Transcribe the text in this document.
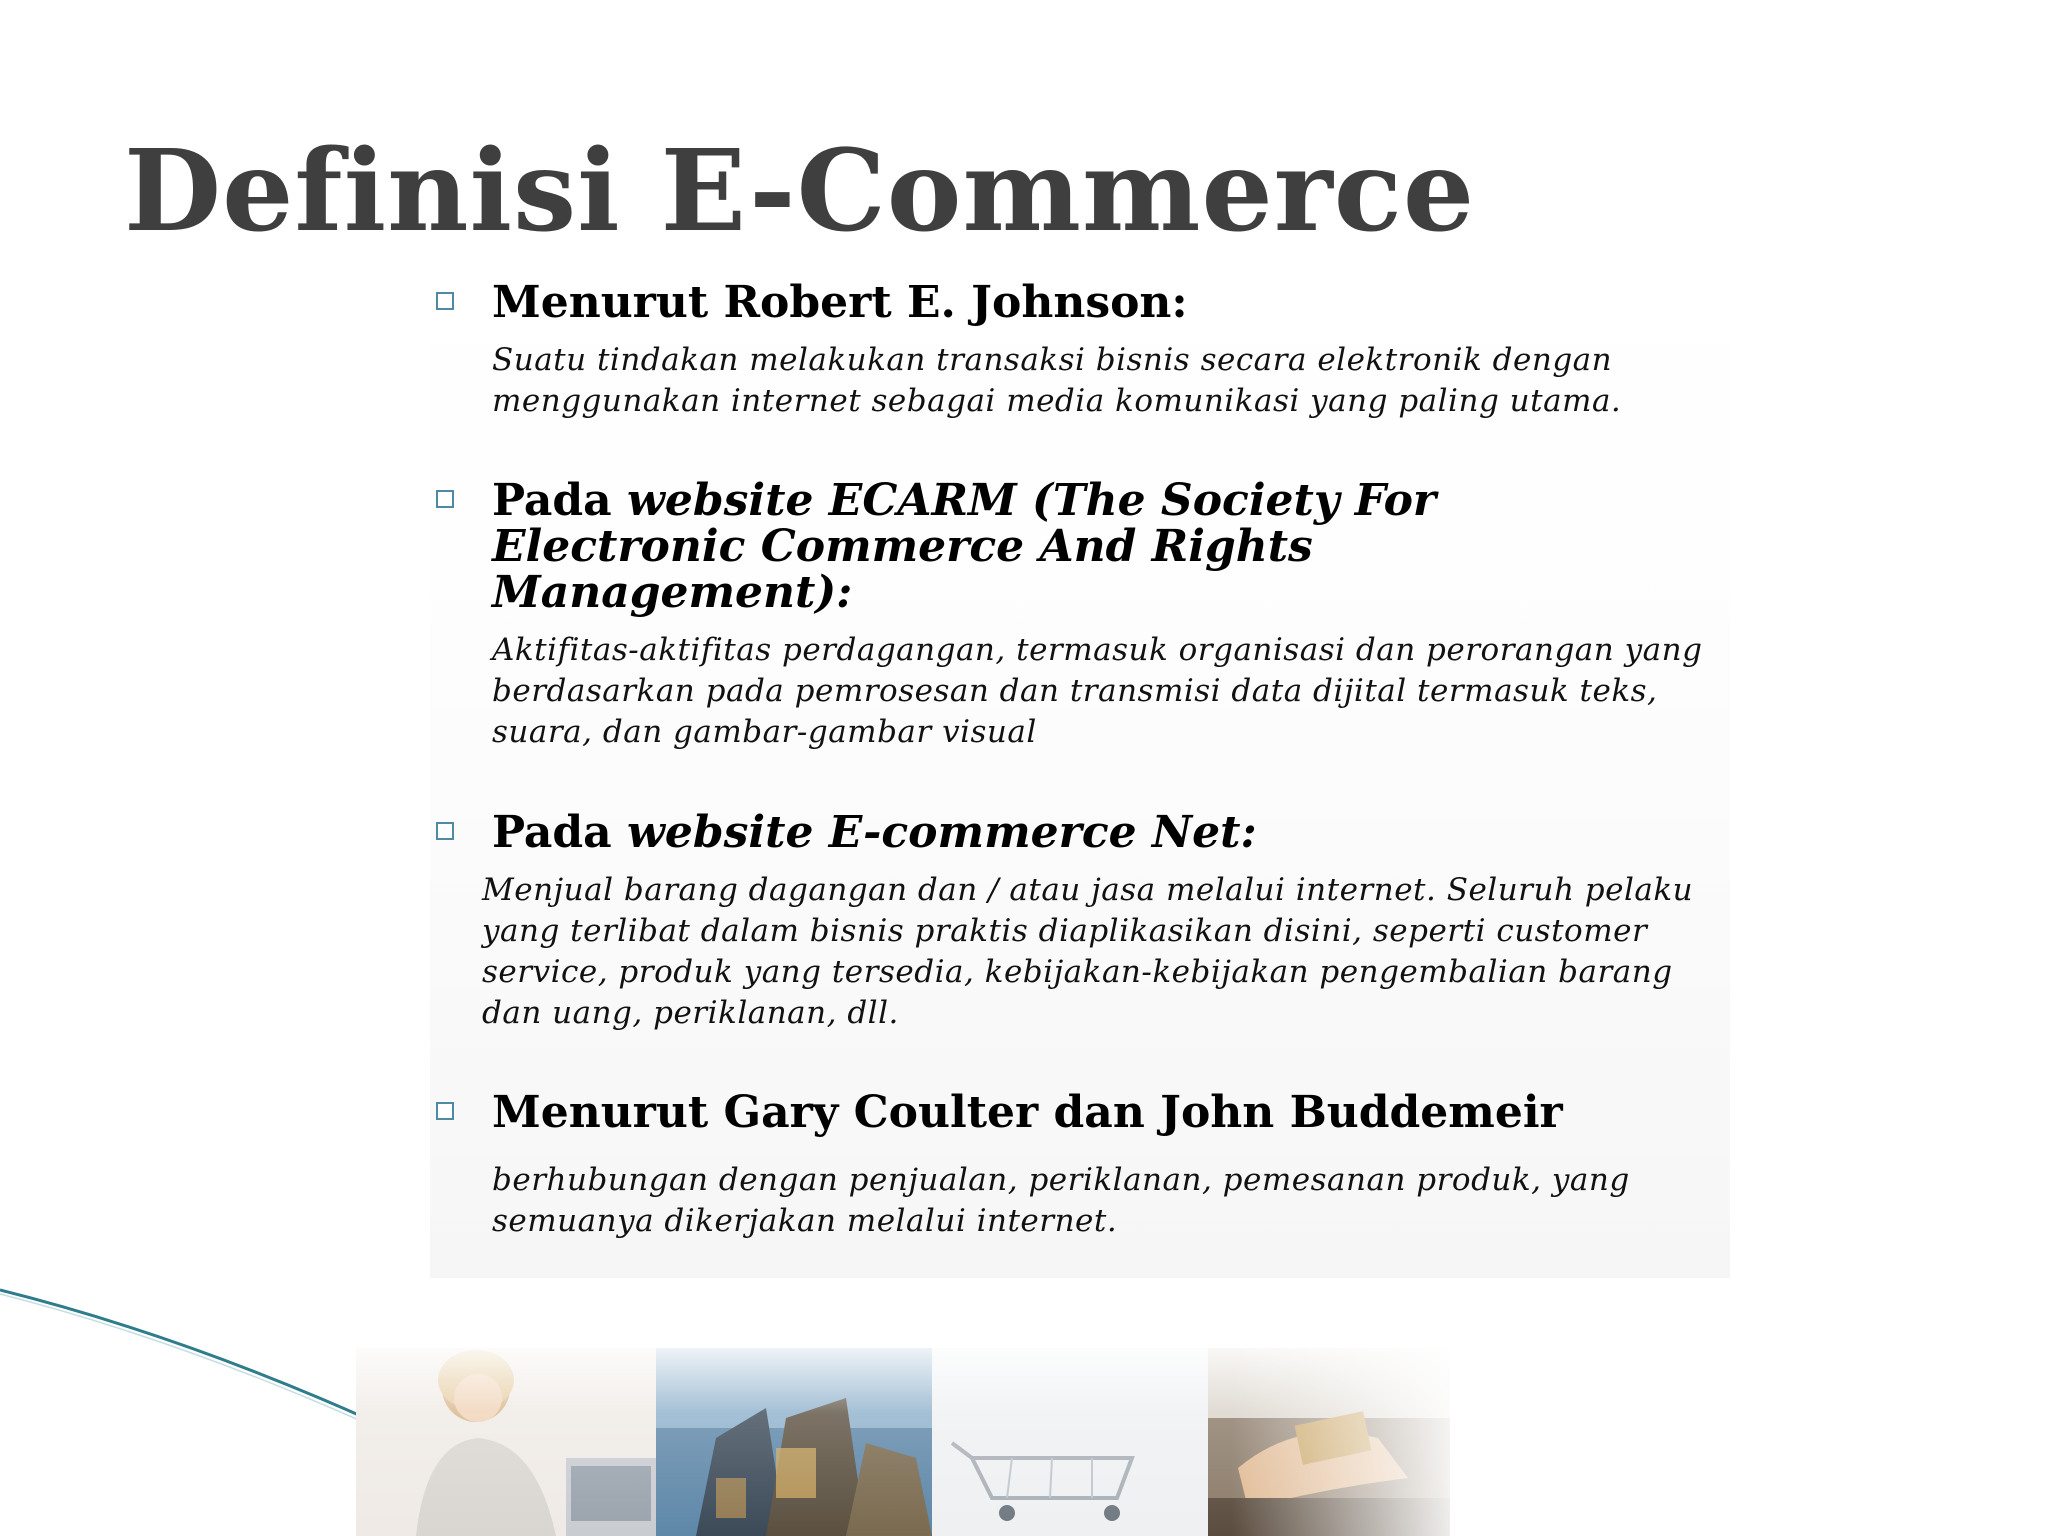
Definisi E-Commerce
Menurut Robert E. Johnson:
Suatu tindakan melakukan transaksi bisnis secara elektronik dengan menggunakan internet sebagai media komunikasi yang paling utama.
Pada website ECARM (The Society For Electronic Commerce And Rights Management):
Aktifitas-aktifitas perdagangan, termasuk organisasi dan perorangan yang berdasarkan pada pemrosesan dan transmisi data dijital termasuk teks, suara, dan gambar-gambar visual
Pada website E-commerce Net:
Menjual barang dagangan dan / atau jasa melalui internet. Seluruh pelaku yang terlibat dalam bisnis praktis diaplikasikan disini, seperti customer service, produk yang tersedia, kebijakan-kebijakan pengembalian barang dan uang, periklanan, dll.
Menurut Gary Coulter dan John Buddemeir
berhubungan dengan penjualan, periklanan, pemesanan produk, yang semuanya dikerjakan melalui internet.
